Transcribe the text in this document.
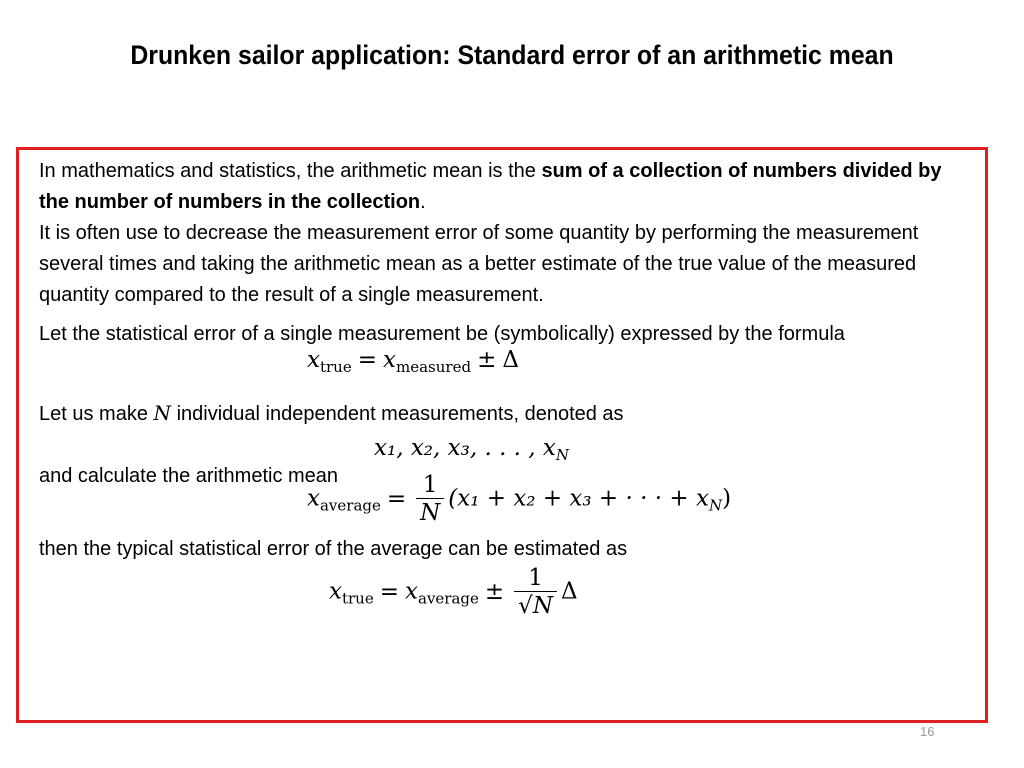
Drunken sailor application: Standard error of an arithmetic mean

In mathematics and statistics, the arithmetic mean is the sum of a collection of numbers divided by the number of numbers in the collection.
It is often use to decrease the measurement error of some quantity by performing the measurement several times and taking the arithmetic mean as a better estimate of the true value of the measured quantity compared to the result of a single measurement.

Let the statistical error of a single measurement be (symbolically) expressed by the formula

$x_{true} = x_{measured} \pm \Delta$

Let us make N individual independent measurements, denoted as

x₁, x₂, x₃, . . . , $x_N$

and calculate the arithmetic mean

$x_{average} = \frac{1}{N} (x_1 + x_2 + x_3$ + · · · + $x_N$)

then the typical statistical error of the average can be estimated as

$x_{true} = x_{average} \pm \frac{1}{√N}$ Δ
16
